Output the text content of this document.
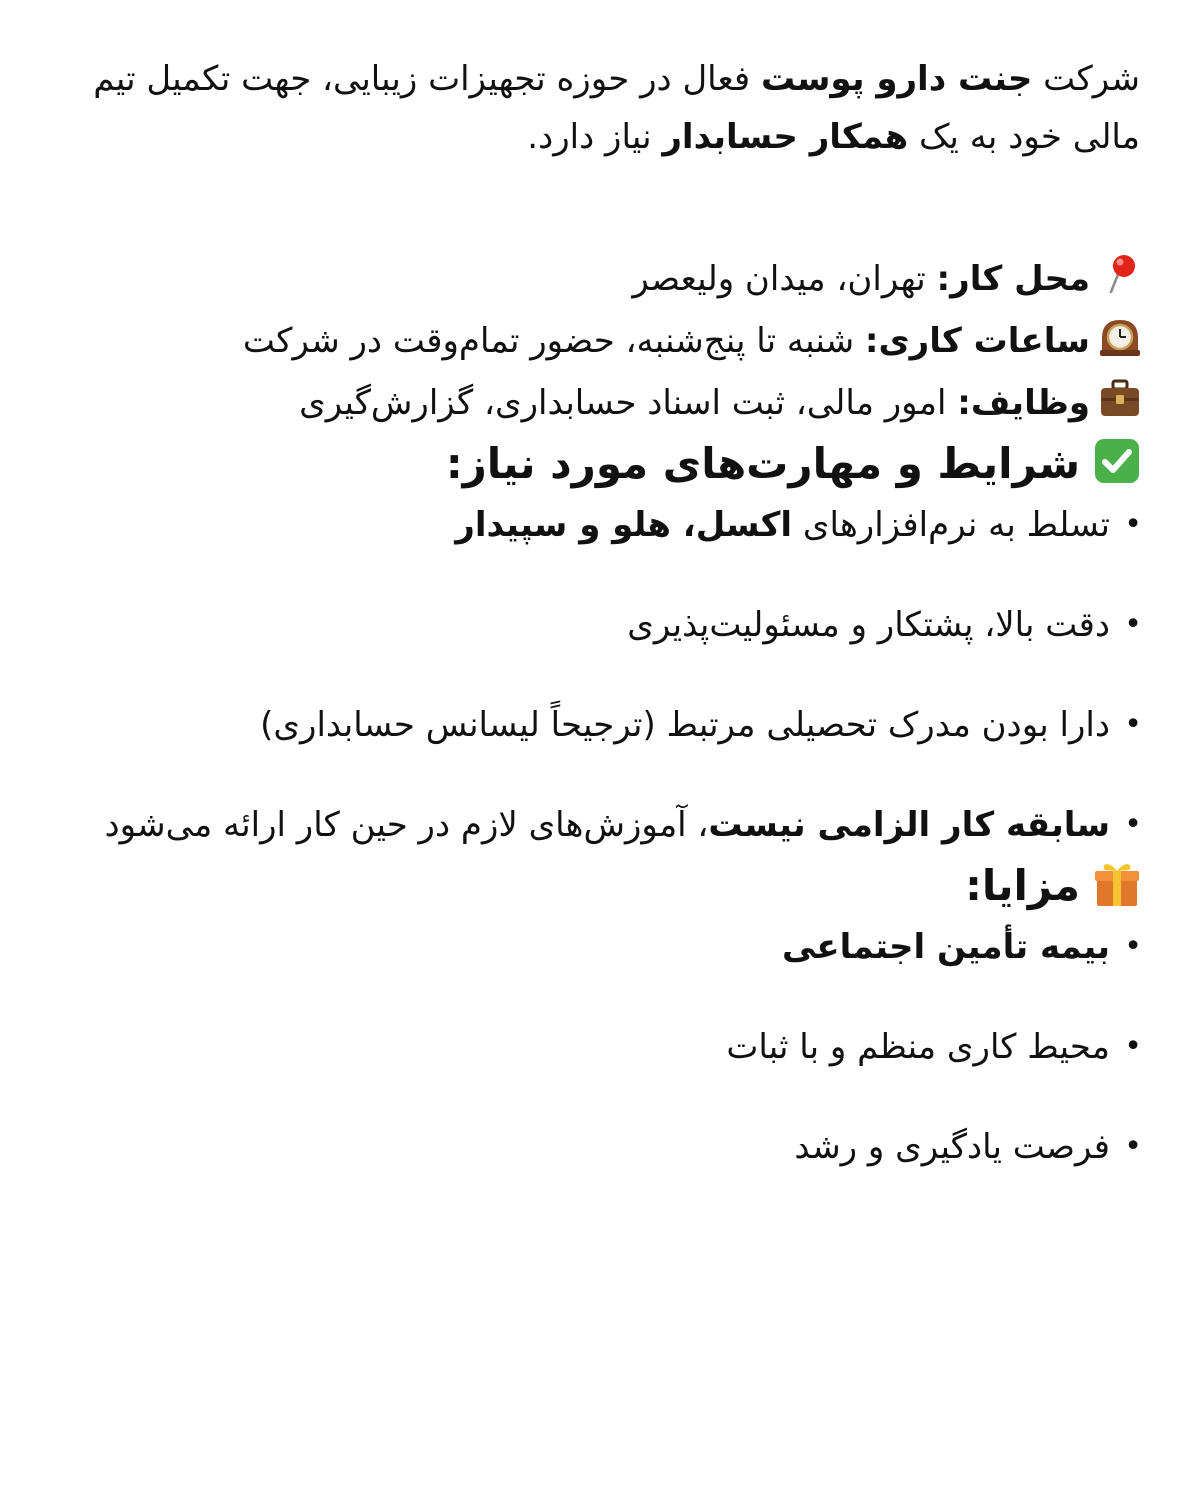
شرکت جنت دارو پوست فعال در حوزه تجهیزات زیبایی، جهت تکمیل تیم مالی خود به یک همکار حسابدار نیاز دارد.

محل کار: تهران، میدان ولیعصر
ساعات کاری: شنبه تا پنج‌شنبه، حضور تمام‌وقت در شرکت
وظایف: امور مالی، ثبت اسناد حسابداری، گزارش‌گیری
شرایط و مهارت‌های مورد نیاز:
•
تسلط به نرم‌افزارهای اکسل، هلو و سپیدار
•
دقت بالا، پشتکار و مسئولیت‌پذیری
•
دارا بودن مدرک تحصیلی مرتبط (ترجیحاً لیسانس حسابداری)
•
سابقه کار الزامی نیست، آموزش‌های لازم در حین کار ارائه می‌شود
مزایا:
•
بیمه تأمین اجتماعی
•
محیط کاری منظم و با ثبات
•
فرصت یادگیری و رشد
